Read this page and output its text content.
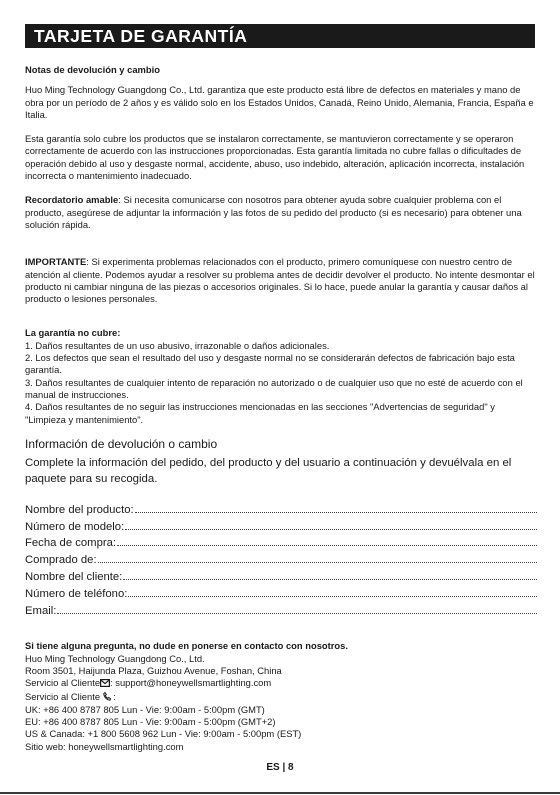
TARJETA DE GARANTÍA

Notas de devolución y cambio

Huo Ming Technology Guangdong Co., Ltd. garantiza que este producto está libre de defectos en materiales y mano de obra por un período de 2 años y es válido solo en los Estados Unidos, Canadá, Reino Unido, Alemania, Francia, España e Italia.

Esta garantía solo cubre los productos que se instalaron correctamente, se mantuvieron correctamente y se operaron correctamente de acuerdo con las instrucciones proporcionadas. Esta garantía limitada no cubre fallas o dificultades de operación debido al uso y desgaste normal, accidente, abuso, uso indebido, alteración, aplicación incorrecta, instalación incorrecta o mantenimiento inadecuado.

Recordatorio amable: Si necesita comunicarse con nosotros para obtener ayuda sobre cualquier problema con el producto, asegúrese de adjuntar la información y las fotos de su pedido del producto (si es necesario) para obtener una solución rápida.

IMPORTANTE: Si experimenta problemas relacionados con el producto, primero comuníquese con nuestro centro de atención al cliente. Podemos ayudar a resolver su problema antes de decidir devolver el producto. No intente desmontar el producto ni cambiar ninguna de las piezas o accesorios originales. Si lo hace, puede anular la garantía y causar daños al producto o lesiones personales.

La garantía no cubre:

1. Daños resultantes de un uso abusivo, irrazonable o daños adicionales.

2. Los defectos que sean el resultado del uso y desgaste normal no se considerarán defectos de fabricación bajo esta garantía.

3. Daños resultantes de cualquier intento de reparación no autorizado o de cualquier uso que no esté de acuerdo con el manual de instrucciones.

4. Daños resultantes de no seguir las instrucciones mencionadas en las secciones "Advertencias de seguridad" y "Limpieza y mantenimiento".

Información de devolución o cambio

Complete la información del pedido, del producto y del usuario a continuación y devuélvala en el paquete para su recogida.

Nombre del producto:
Número de modelo:
Fecha de compra:
Comprado de:
Nombre del cliente:
Número de teléfono:
Email:

Si tiene alguna pregunta, no dude en ponerse en contacto con nosotros.

Huo Ming Technology Guangdong Co., Ltd.

Room 3501, Haijunda Plaza, Guizhou Avenue, Foshan, China

Servicio al Cliente : support@honeywellsmartlighting.com

Servicio al Cliente :

UK: +86 400 8787 805 Lun - Vie: 9:00am - 5:00pm (GMT)

EU: +86 400 8787 805 Lun - Vie: 9:00am - 5:00pm (GMT+2)

US & Canada: +1 800 5608 962 Lun - Vie: 9:00am - 5:00pm (EST)

Sitio web: honeywellsmartlighting.com

ES | 8
